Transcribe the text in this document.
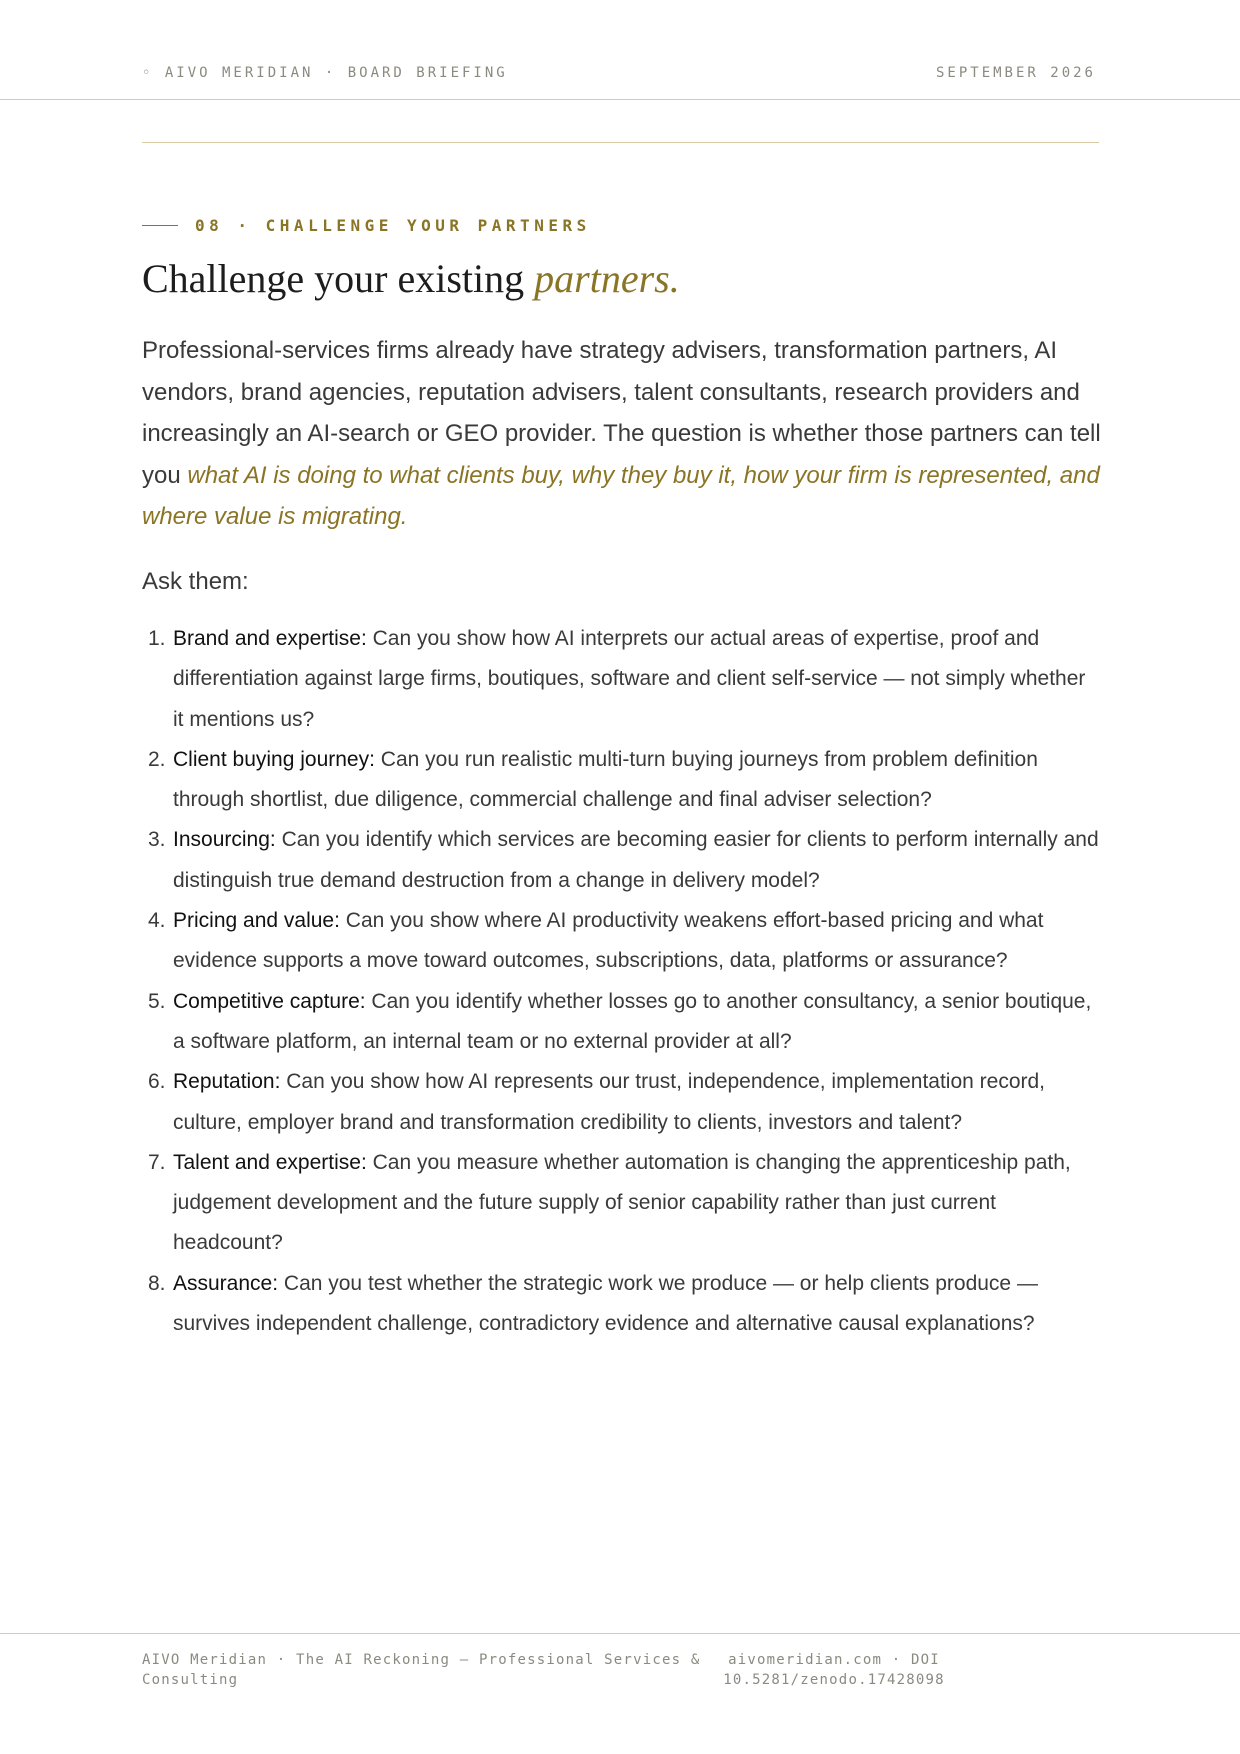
◦ AIVO MERIDIAN · BOARD BRIEFING	SEPTEMBER 2026
08 · CHALLENGE YOUR PARTNERS
Challenge your existing partners.

Professional-services firms already have strategy advisers, transformation partners, AI vendors, brand agencies, reputation advisers, talent consultants, research providers and increasingly an AI-search or GEO provider. The question is whether those partners can tell you what AI is doing to what clients buy, why they buy it, how your firm is represented, and where value is migrating.

Ask them:

1. Brand and expertise: Can you show how AI interprets our actual areas of expertise, proof and differentiation against large firms, boutiques, software and client self-service — not simply whether it mentions us?
2. Client buying journey: Can you run realistic multi-turn buying journeys from problem definition through shortlist, due diligence, commercial challenge and final adviser selection?
3. Insourcing: Can you identify which services are becoming easier for clients to perform internally and distinguish true demand destruction from a change in delivery model?
4. Pricing and value: Can you show where AI productivity weakens effort-based pricing and what evidence supports a move toward outcomes, subscriptions, data, platforms or assurance?
5. Competitive capture: Can you identify whether losses go to another consultancy, a senior boutique, a software platform, an internal team or no external provider at all?
6. Reputation: Can you show how AI represents our trust, independence, implementation record, culture, employer brand and transformation credibility to clients, investors and talent?
7. Talent and expertise: Can you measure whether automation is changing the apprenticeship path, judgement development and the future supply of senior capability rather than just current headcount?
8. Assurance: Can you test whether the strategic work we produce — or help clients produce — survives independent challenge, contradictory evidence and alternative causal explanations?
AIVO Meridian · The AI Reckoning — Professional Services & Consulting
aivomeridian.com · DOI 10.5281/zenodo.17428098
